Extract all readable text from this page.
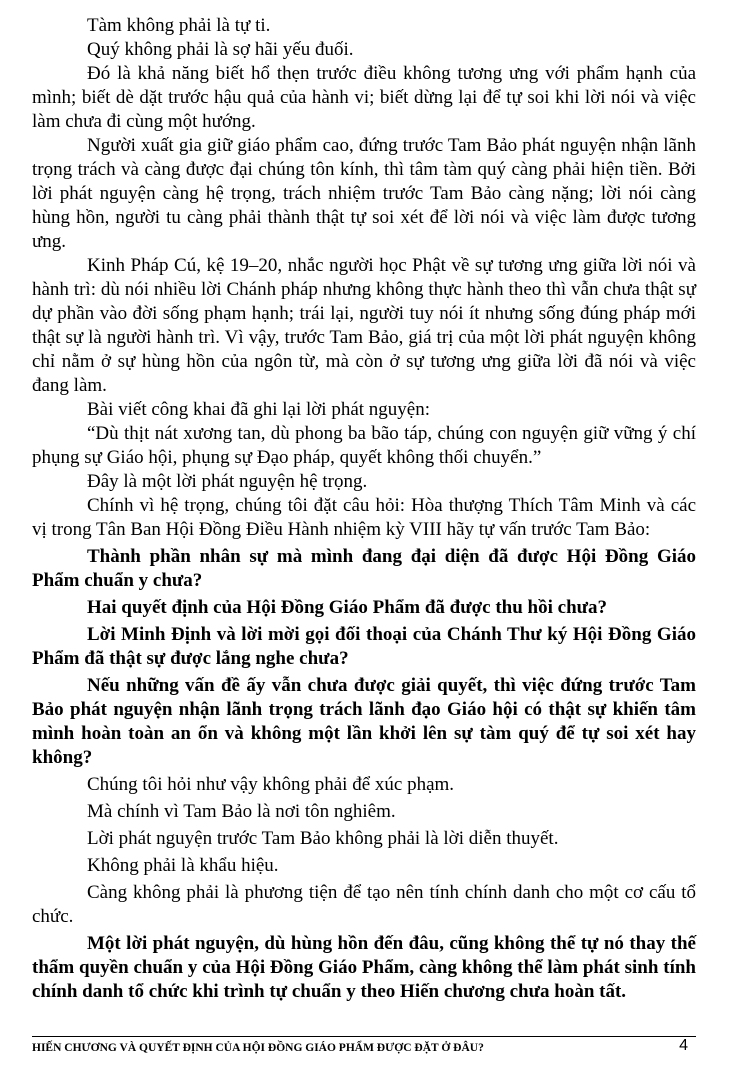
Tàm không phải là tự ti.

Quý không phải là sợ hãi yếu đuối.

Đó là khả năng biết hổ thẹn trước điều không tương ưng với phẩm hạnh của mình; biết dè dặt trước hậu quả của hành vi; biết dừng lại để tự soi khi lời nói và việc làm chưa đi cùng một hướng.

Người xuất gia giữ giáo phẩm cao, đứng trước Tam Bảo phát nguyện nhận lãnh trọng trách và càng được đại chúng tôn kính, thì tâm tàm quý càng phải hiện tiền. Bởi lời phát nguyện càng hệ trọng, trách nhiệm trước Tam Bảo càng nặng; lời nói càng hùng hồn, người tu càng phải thành thật tự soi xét để lời nói và việc làm được tương ưng.

Kinh Pháp Cú, kệ 19–20, nhắc người học Phật về sự tương ưng giữa lời nói và hành trì: dù nói nhiều lời Chánh pháp nhưng không thực hành theo thì vẫn chưa thật sự dự phần vào đời sống phạm hạnh; trái lại, người tuy nói ít nhưng sống đúng pháp mới thật sự là người hành trì. Vì vậy, trước Tam Bảo, giá trị của một lời phát nguyện không chỉ nằm ở sự hùng hồn của ngôn từ, mà còn ở sự tương ưng giữa lời đã nói và việc đang làm.

Bài viết công khai đã ghi lại lời phát nguyện:

“Dù thịt nát xương tan, dù phong ba bão táp, chúng con nguyện giữ vững ý chí phụng sự Giáo hội, phụng sự Đạo pháp, quyết không thối chuyển.”

Đây là một lời phát nguyện hệ trọng.

Chính vì hệ trọng, chúng tôi đặt câu hỏi: Hòa thượng Thích Tâm Minh và các vị trong Tân Ban Hội Đồng Điều Hành nhiệm kỳ VIII hãy tự vấn trước Tam Bảo:

Thành phần nhân sự mà mình đang đại diện đã được Hội Đồng Giáo Phẩm chuẩn y chưa?

Hai quyết định của Hội Đồng Giáo Phẩm đã được thu hồi chưa?

Lời Minh Định và lời mời gọi đối thoại của Chánh Thư ký Hội Đồng Giáo Phẩm đã thật sự được lắng nghe chưa?

Nếu những vấn đề ấy vẫn chưa được giải quyết, thì việc đứng trước Tam Bảo phát nguyện nhận lãnh trọng trách lãnh đạo Giáo hội có thật sự khiến tâm mình hoàn toàn an ổn và không một lần khởi lên sự tàm quý để tự soi xét hay không?

Chúng tôi hỏi như vậy không phải để xúc phạm.

Mà chính vì Tam Bảo là nơi tôn nghiêm.

Lời phát nguyện trước Tam Bảo không phải là lời diễn thuyết.

Không phải là khẩu hiệu.

Càng không phải là phương tiện để tạo nên tính chính danh cho một cơ cấu tổ chức.

Một lời phát nguyện, dù hùng hồn đến đâu, cũng không thể tự nó thay thế thẩm quyền chuẩn y của Hội Đồng Giáo Phẩm, càng không thể làm phát sinh tính chính danh tổ chức khi trình tự chuẩn y theo Hiến chương chưa hoàn tất.

HIẾN CHƯƠNG VÀ QUYẾT ĐỊNH CỦA HỘI ĐỒNG GIÁO PHẨM ĐƯỢC ĐẶT Ở ĐÂU?	4
